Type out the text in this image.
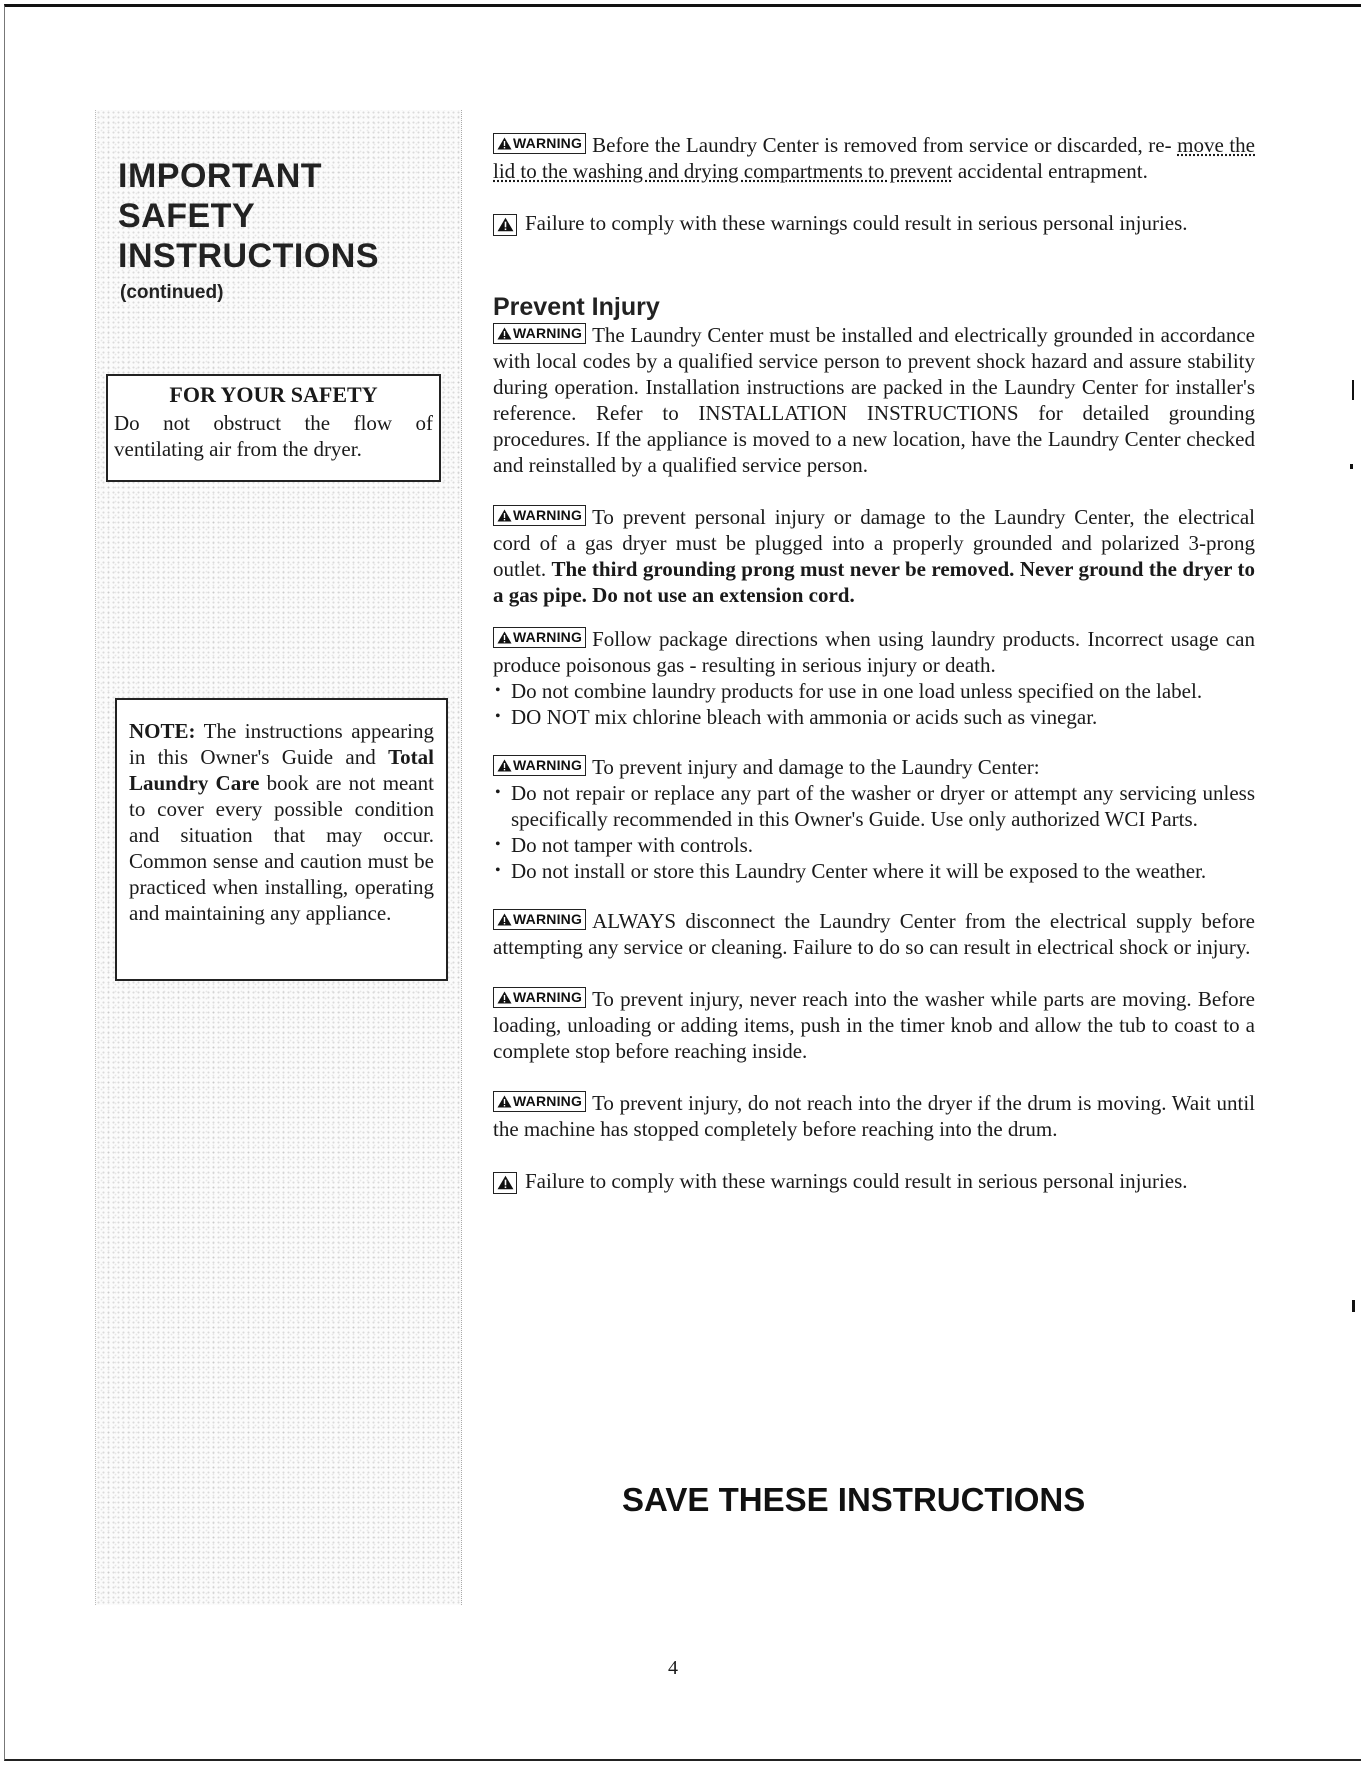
IMPORTANT
SAFETY
INSTRUCTIONS
(continued)
FOR YOUR SAFETY
Do not obstruct the flow of ventilating air from the dryer.
NOTE: The instructions appearing in this Owner's Guide and Total Laundry Care book are not meant to cover every possible condition and situation that may occur. Common sense and caution must be practiced when installing, operating and maintaining any appliance.

WARNING Before the Laundry Center is removed from service or discarded, re- move the lid to the washing and drying compartments to prevent accidental entrapment.

Failure to comply with these warnings could result in serious personal injuries.

Prevent Injury

WARNING The Laundry Center must be installed and electrically grounded in accordance with local codes by a qualified service person to prevent shock hazard and assure stability during operation. Installation instructions are packed in the Laundry Center for installer's reference. Refer to INSTALLATION INSTRUCTIONS for detailed grounding procedures. If the appliance is moved to a new location, have the Laundry Center checked and reinstalled by a qualified service person.

WARNING To prevent personal injury or damage to the Laundry Center, the electrical cord of a gas dryer must be plugged into a properly grounded and polarized 3-prong outlet. The third grounding prong must never be removed. Never ground the dryer to a gas pipe. Do not use an extension cord.

WARNING Follow package directions when using laundry products. Incorrect usage can produce poisonous gas - resulting in serious injury or death.

• Do not combine laundry products for use in one load unless specified on the label.
• DO NOT mix chlorine bleach with ammonia or acids such as vinegar.

WARNING To prevent injury and damage to the Laundry Center:

• Do not repair or replace any part of the washer or dryer or attempt any servicing unless specifically recommended in this Owner's Guide. Use only authorized WCI Parts.
• Do not tamper with controls.
• Do not install or store this Laundry Center where it will be exposed to the weather.

WARNING ALWAYS disconnect the Laundry Center from the electrical supply before attempting any service or cleaning. Failure to do so can result in electrical shock or injury.

WARNING To prevent injury, never reach into the washer while parts are moving. Before loading, unloading or adding items, push in the timer knob and allow the tub to coast to a complete stop before reaching inside.

WARNING To prevent injury, do not reach into the dryer if the drum is moving. Wait until the machine has stopped completely before reaching into the drum.

Failure to comply with these warnings could result in serious personal injuries.

SAVE THESE INSTRUCTIONS
4
